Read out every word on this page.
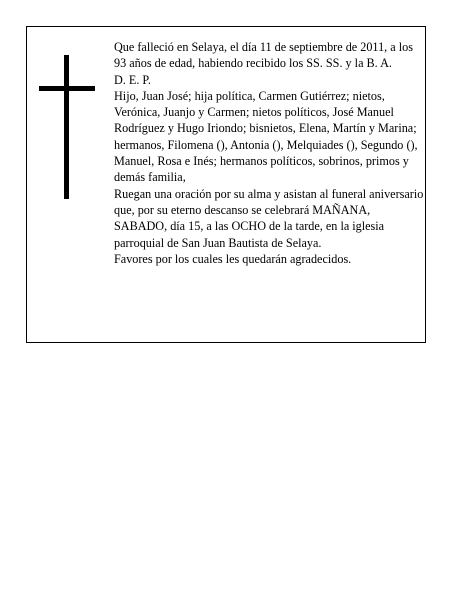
Que falleció en Selaya, el día 11 de septiembre de 2011, a los 93 años de edad, habiendo recibido los SS. SS. y la B. A.

D. E. P.

Hijo, Juan José; hija política, Carmen Gutiérrez; nietos, Verónica, Juanjo y Carmen; nietos políticos, José Manuel Rodríguez y Hugo Iriondo; bisnietos, Elena, Martín y Marina; hermanos, Filomena (), Antonia (), Melquiades (), Segundo (), Manuel, Rosa e Inés; hermanos políticos, sobrinos, primos y demás familia,

Ruegan una oración por su alma y asistan al funeral aniversario que, por su eterno descanso se celebrará MAÑANA, SABADO, día 15, a las OCHO de la tarde, en la iglesia parroquial de San Juan Bautista de Selaya.

Favores por los cuales les quedarán agradecidos.
